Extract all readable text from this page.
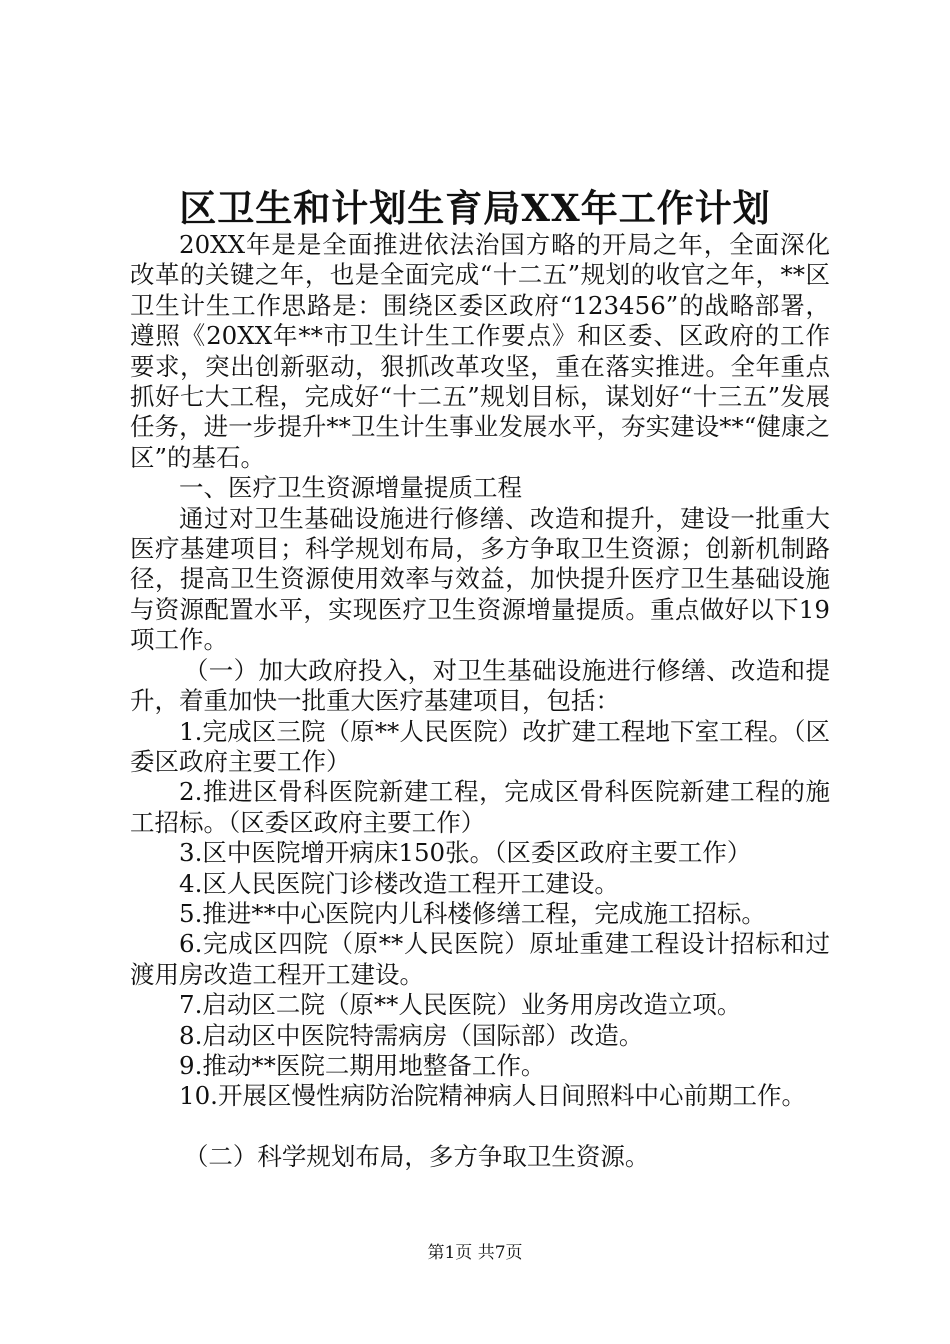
区卫生和计划生育局XX年工作计划

20XX年是是全面推进依法治国方略的开局之年，全面深化改革的关键之年，也是全面完成“十二五”规划的收官之年，**区卫生计生工作思路是：围绕区委区政府“123456”的战略部署，遵照《20XX年**市卫生计生工作要点》和区委、区政府的工作要求，突出创新驱动，狠抓改革攻坚，重在落实推进。全年重点抓好七大工程，完成好“十二五”规划目标，谋划好“十三五”发展任务，进一步提升**卫生计生事业发展水平，夯实建设**“健康之区”的基石。

一、医疗卫生资源增量提质工程

通过对卫生基础设施进行修缮、改造和提升，建设一批重大医疗基建项目；科学规划布局，多方争取卫生资源；创新机制路径，提高卫生资源使用效率与效益，加快提升医疗卫生基础设施与资源配置水平，实现医疗卫生资源增量提质。重点做好以下19项工作。

（一）加大政府投入，对卫生基础设施进行修缮、改造和提升，着重加快一批重大医疗基建项目，包括：

1.完成区三院（原**人民医院）改扩建工程地下室工程。（区委区政府主要工作）

2.推进区骨科医院新建工程，完成区骨科医院新建工程的施工招标。（区委区政府主要工作）

3.区中医院增开病床150张。（区委区政府主要工作）

4.区人民医院门诊楼改造工程开工建设。

5.推进**中心医院内儿科楼修缮工程，完成施工招标。

6.完成区四院（原**人民医院）原址重建工程设计招标和过渡用房改造工程开工建设。

7.启动区二院（原**人民医院）业务用房改造立项。

8.启动区中医院特需病房（国际部）改造。

9.推动**医院二期用地整备工作。

10.开展区慢性病防治院精神病人日间照料中心前期工作。

（二）科学规划布局，多方争取卫生资源。

第1页 共7页
